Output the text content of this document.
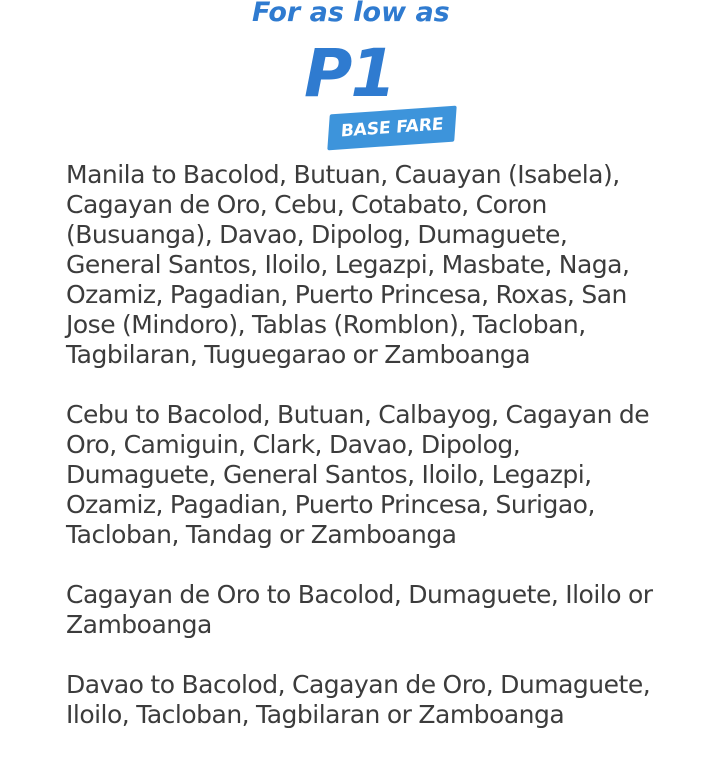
For as low as
P1
BASE FARE

Manila to Bacolod, Butuan, Cauayan (Isabela), Cagayan de Oro, Cebu, Cotabato, Coron (Busuanga), Davao, Dipolog, Dumaguete, General Santos, Iloilo, Legazpi, Masbate, Naga, Ozamiz, Pagadian, Puerto Princesa, Roxas, San Jose (Mindoro), Tablas (Romblon), Tacloban, Tagbilaran, Tuguegarao or Zamboanga

Cebu to Bacolod, Butuan, Calbayog, Cagayan de Oro, Camiguin, Clark, Davao, Dipolog, Dumaguete, General Santos, Iloilo, Legazpi, Ozamiz, Pagadian, Puerto Princesa, Surigao, Tacloban, Tandag or Zamboanga

Cagayan de Oro to Bacolod, Dumaguete, Iloilo or Zamboanga

Davao to Bacolod, Cagayan de Oro, Dumaguete, Iloilo, Tacloban, Tagbilaran or Zamboanga
